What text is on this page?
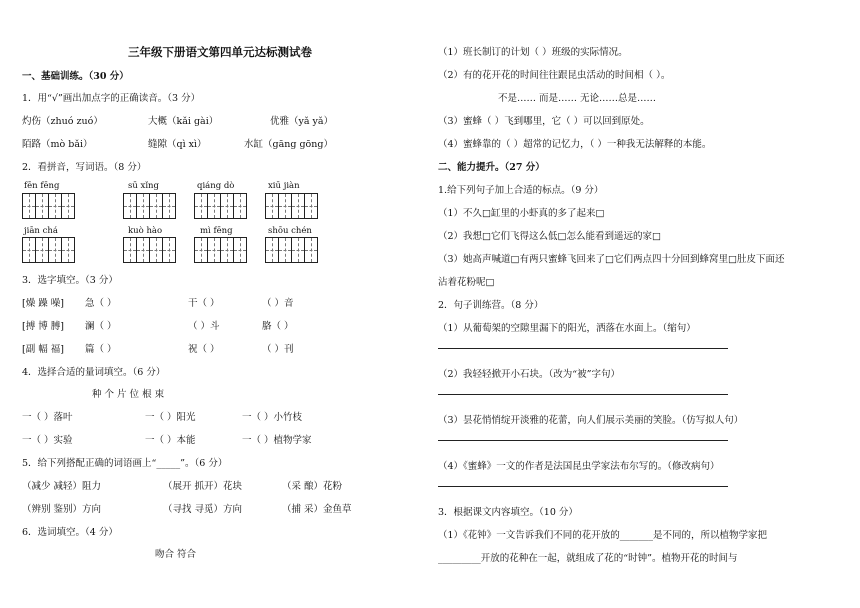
三年级下册语文第四单元达标测试卷
一、基础训练。（30 分）
1．用“√”画出加点字的正确读音。（3 分）
灼伤（zhuó zuó）	大概（kǎi gài）	优雅（yǎ yǎ）
陌路（mò bǎi）	缝隙（qì xì）	水缸（gāng gōng）
2．看拼音，写词语。（8 分）
fēn fēng	sū xǐng	qiáng dò	xiū jiàn
jiān chá	kuò hào	mì fēng	shōu chén
3．选字填空。（3 分）
[燥 躁 噪] 急（ ）	干（ ）	（ ）音
[搏 博 膊] 澜（ ）	（ ）斗	胳（ ）
[副 幅 福] 篇（ ）	祝（ ）	（ ）刊
4．选择合适的量词填空。（6 分）
种 个 片 位 根 束
一（ ）落叶	一（ ）阳光	一（ ）小竹枝
一（ ）实验	一（ ）本能	一（ ）植物学家
5．给下列搭配正确的词语画上“_____”。（6 分）
（减少 减轻）阻力	（展开 抓开）花块	（采 酿）花粉
（辨别 鉴别）方向	（寻找 寻觅）方向	（捕 采）金鱼草
6．选词填空。（4 分）
吻合 符合
（1）班长制订的计划（ ）班级的实际情况。
（2）有的花开花的时间往往跟昆虫活动的时间相（ ）。
不是…… 而是…… 无论……总是……
（3）蜜蜂（ ）飞到哪里，它（ ）可以回到原处。
（4）蜜蜂靠的（ ）超常的记忆力，（ ）一种我无法解释的本能。
二、能力提升。（27 分）
1.给下列句子加上合适的标点。（9 分）
（1）不久□缸里的小虾真的多了起来□
（2）我想□它们飞得这么低□怎么能看到遥远的家□
（3）她高声喊道□有两只蜜蜂飞回来了□它们两点四十分回到蜂窝里□肚皮下面还
沾着花粉呢□
2．句子训练营。（8 分）
（1）从葡萄架的空隙里漏下的阳光，洒落在水面上。（缩句）
（2）我轻轻掀开小石块。（改为“被”字句）
（3）昙花悄悄绽开淡雅的花蕾，向人们展示美丽的笑脸。（仿写拟人句）
（4）《蜜蜂》一文的作者是法国昆虫学家法布尔写的。（修改病句）
3．根据课文内容填空。（10 分）
（1）《花钟》一文告诉我们不同的花开放的_______是不同的，所以植物学家把
_________开放的花种在一起，就组成了花的“时钟”。植物开花的时间与
